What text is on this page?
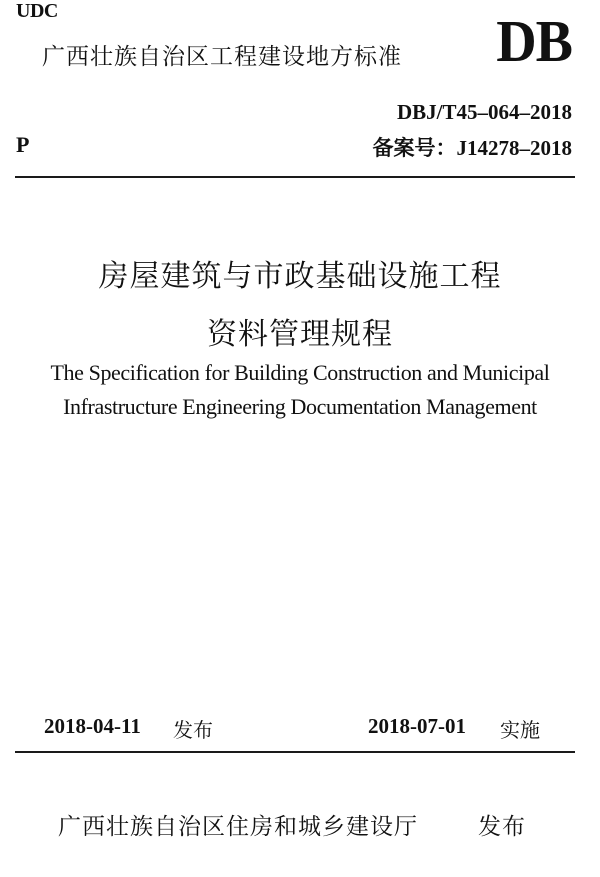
UDC
广西壮族自治区工程建设地方标准 DB
DBJ/T45–064–2018
P	备案号：J14278–2018
房屋建筑与市政基础设施工程
资料管理规程
The Specification for Building Construction and Municipal
Infrastructure Engineering Documentation Management
2018-04-11 发布	2018-07-01 实施
广西壮族自治区住房和城乡建设厅	发布
